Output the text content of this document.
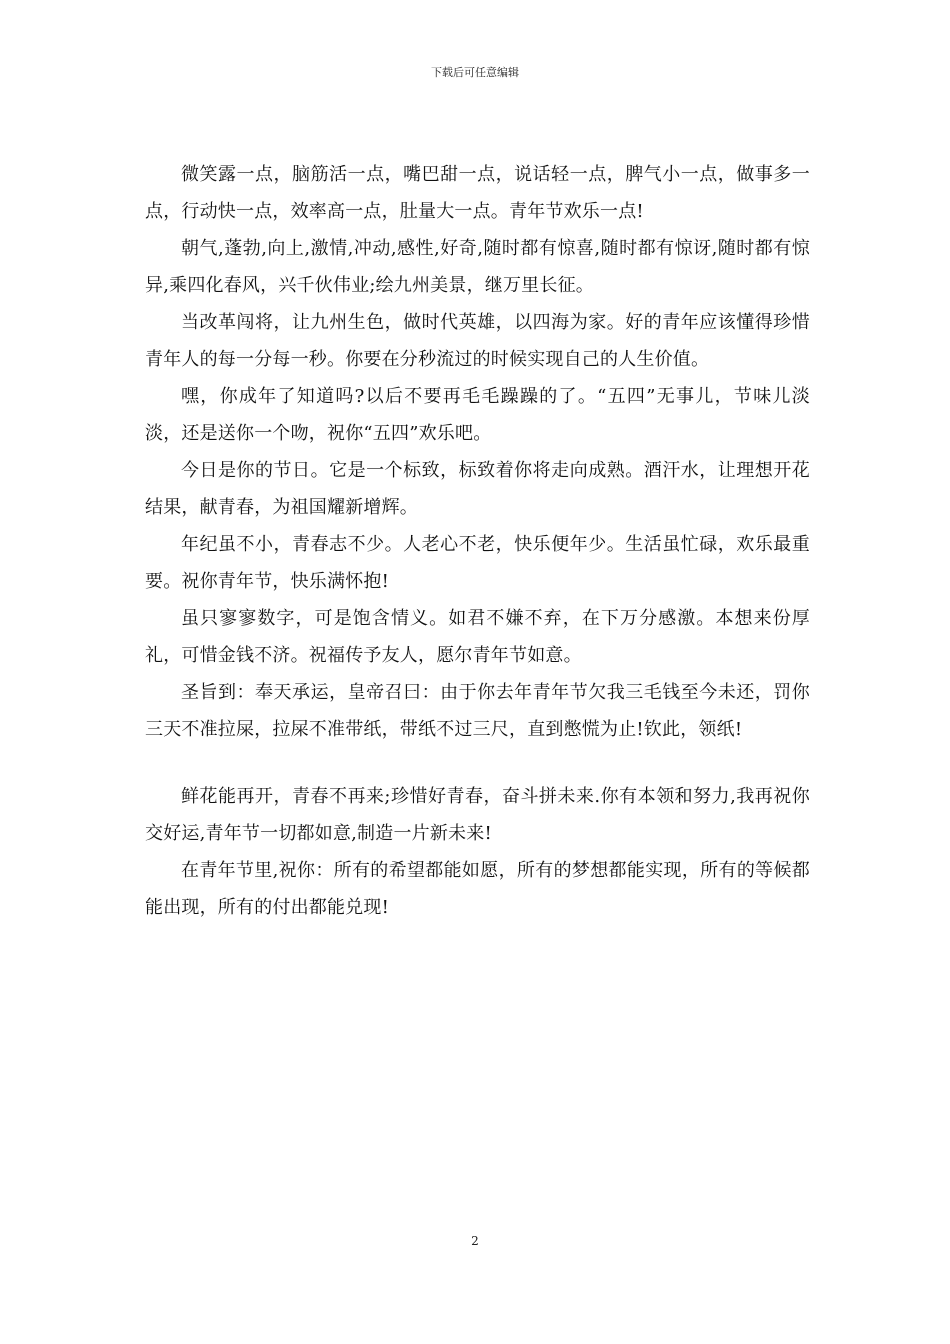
下载后可任意编辑

微笑露一点，脑筋活一点，嘴巴甜一点，说话轻一点，脾气小一点，做事多一点，行动快一点，效率高一点，肚量大一点。青年节欢乐一点!

朝气,蓬勃,向上,激情,冲动,感性,好奇,随时都有惊喜,随时都有惊讶,随时都有惊异,乘四化春风，兴千伙伟业;绘九州美景，继万里长征。

当改革闯将，让九州生色，做时代英雄，以四海为家。好的青年应该懂得珍惜青年人的每一分每一秒。你要在分秒流过的时候实现自己的人生价值。

嘿，你成年了知道吗?以后不要再毛毛躁躁的了。“五四”无事儿，节味儿淡淡，还是送你一个吻，祝你“五四”欢乐吧。

今日是你的节日。它是一个标致，标致着你将走向成熟。酒汗水，让理想开花结果，献青春，为祖国耀新增辉。

年纪虽不小，青春志不少。人老心不老，快乐便年少。生活虽忙碌，欢乐最重要。祝你青年节，快乐满怀抱!

虽只寥寥数字，可是饱含情义。如君不嫌不弃，在下万分感激。本想来份厚礼，可惜金钱不济。祝福传予友人，愿尔青年节如意。

圣旨到：奉天承运，皇帝召曰：由于你去年青年节欠我三毛钱至今未还，罚你三天不准拉屎，拉屎不准带纸，带纸不过三尺，直到憋慌为止!钦此，领纸!

鲜花能再开，青春不再来;珍惜好青春，奋斗拼未来.你有本领和努力,我再祝你交好运,青年节一切都如意,制造一片新未来!

在青年节里,祝你：所有的希望都能如愿，所有的梦想都能实现，所有的等候都能出现，所有的付出都能兑现!

2
